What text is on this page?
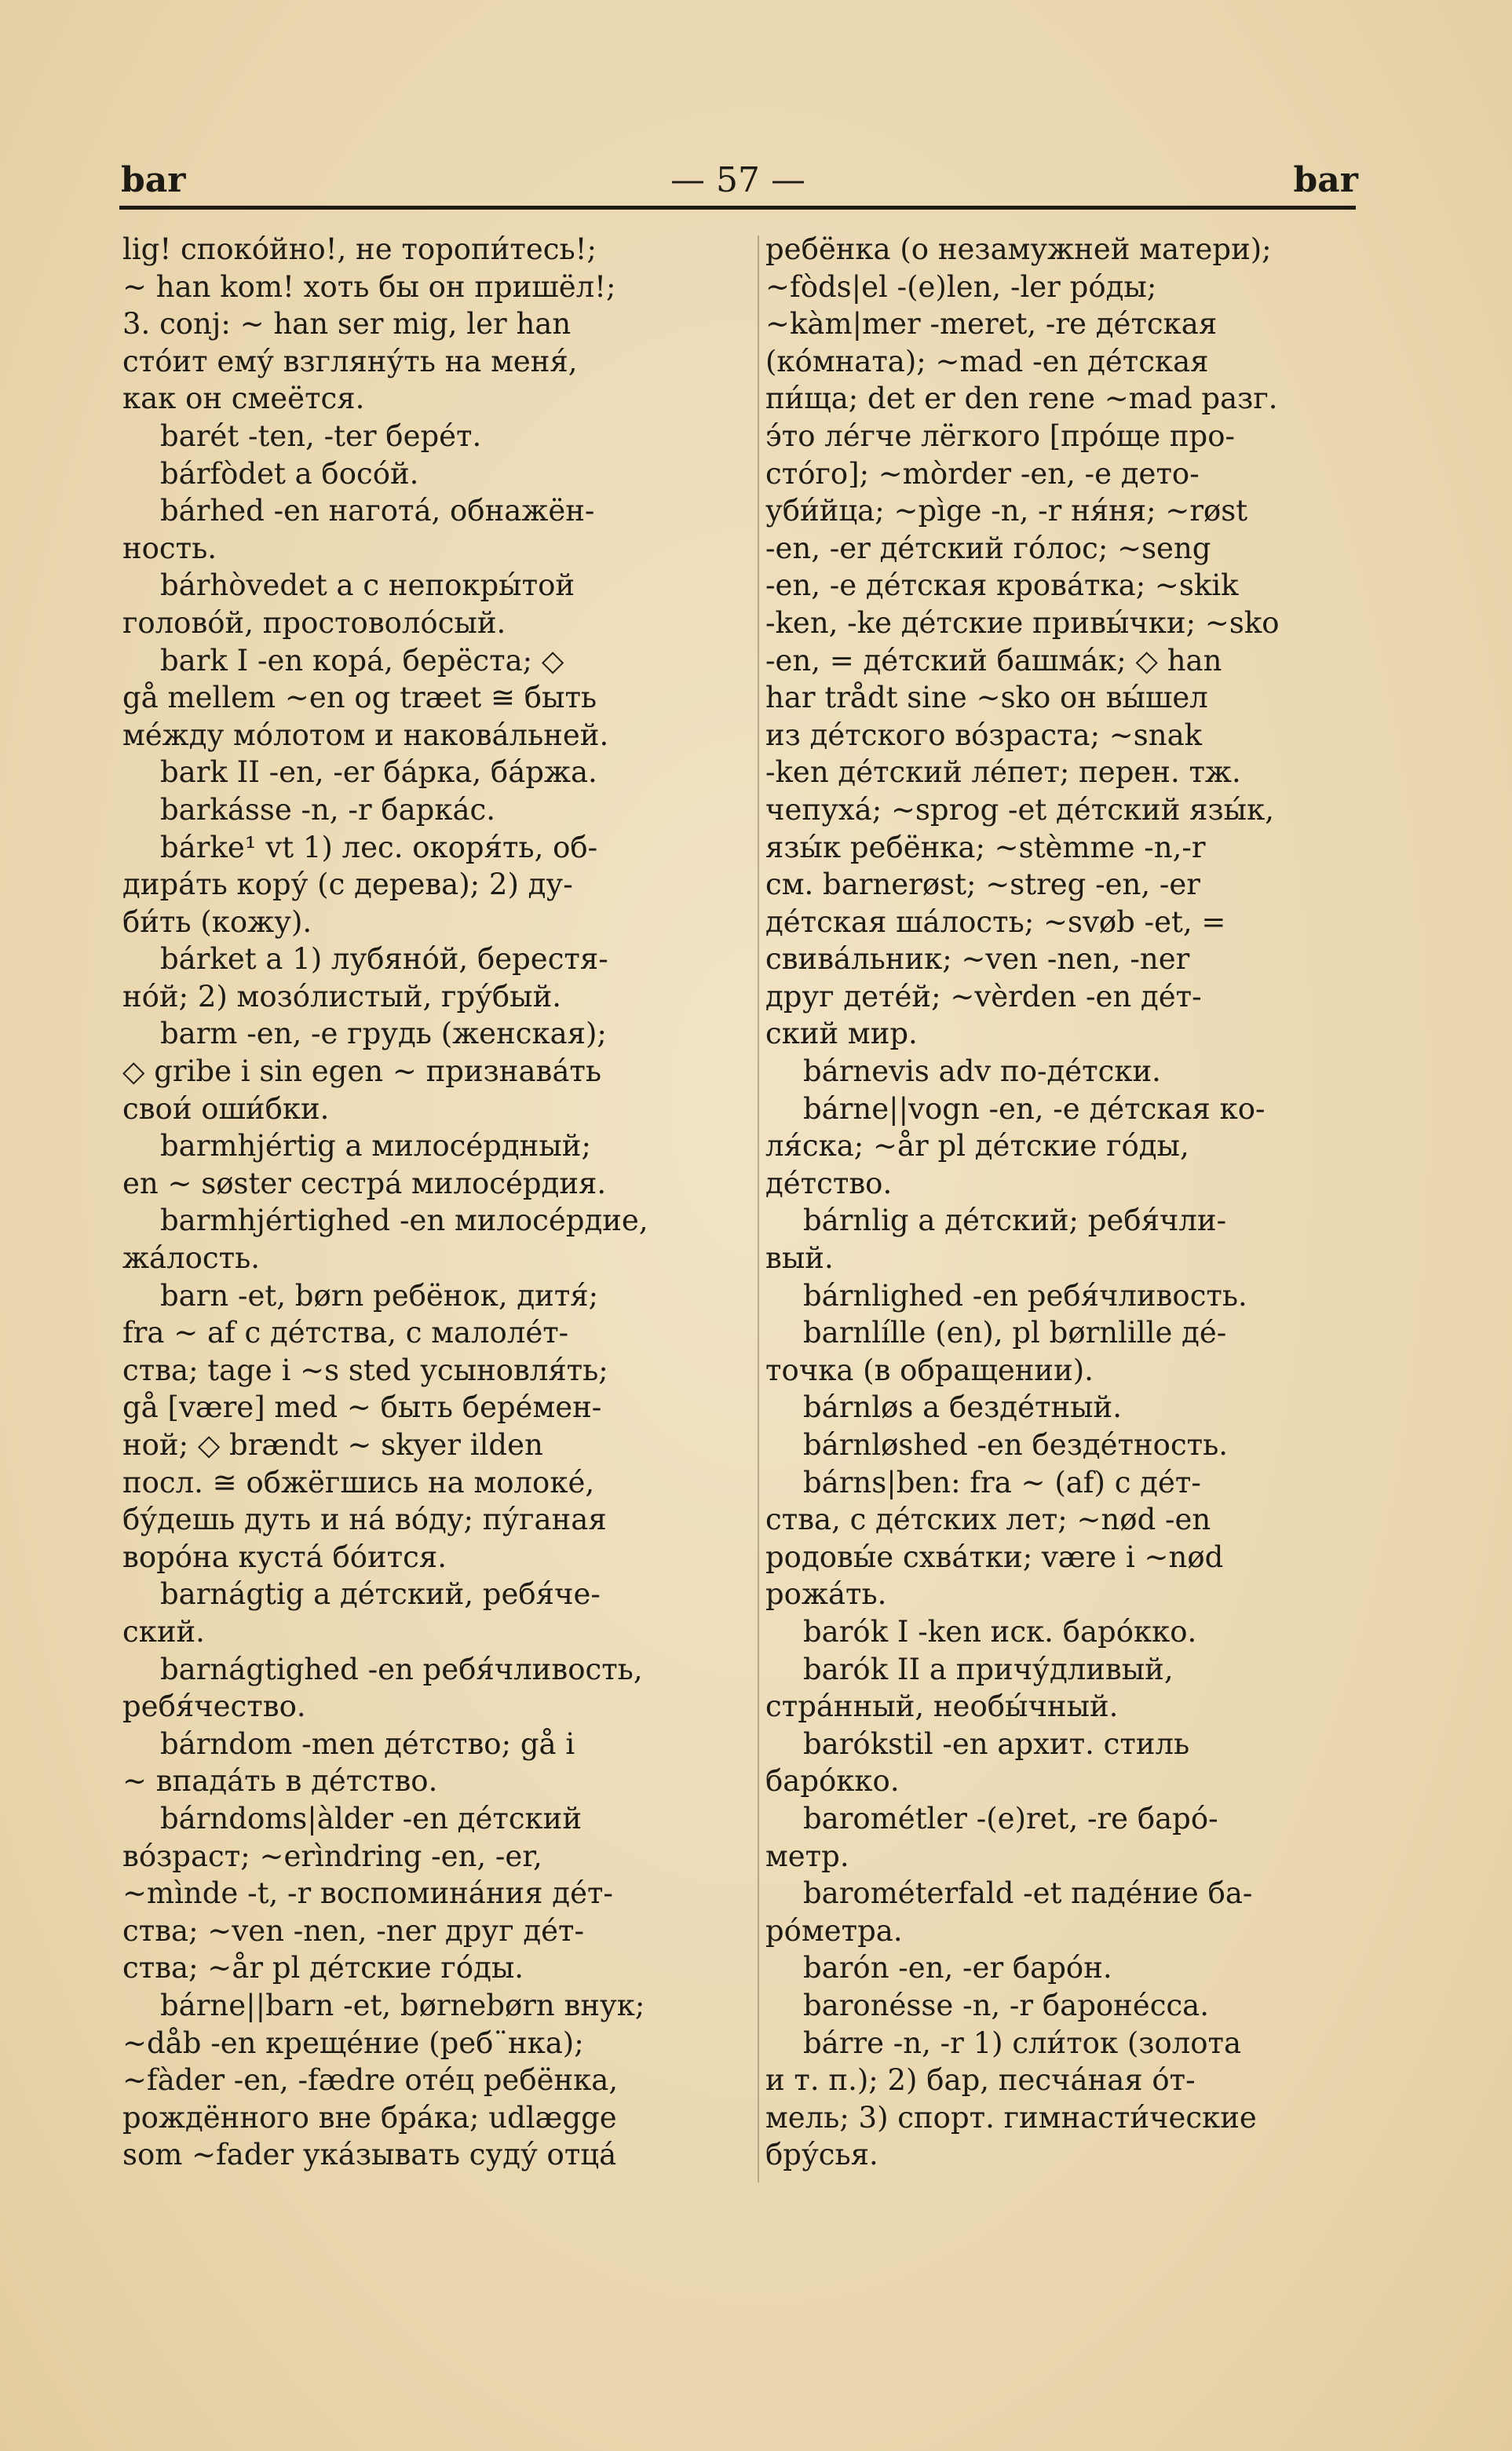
bar	— 57 —	bar
lig! споко́йно!, не торопи́тесь!;
~ han kom! хоть бы он пришёл!;
3. conj: ~ han ser mig, ler han
сто́ит ему́ взгляну́ть на меня́,
как он смеётся.
barét -ten, -ter берéт.
bárfòdet a босо́й.
bárhed -en нагота́, обнажён-
ность.
bárhòvedet a с непокры́той
голово́й, простоволо́сый.
bark I -en кора́, берёста; ◇
gå mellem ~en og træet ≅ быть
ме́жду мо́лотом и накова́льней.
bark II -en, -er ба́рка, ба́ржа.
barkásse -n, -r барка́с.
bárke¹ vt 1) лес. окоря́ть, об-
дира́ть кору́ (с дерева); 2) ду-
би́ть (кожу).
bárket a 1) лубяно́й, берестя-
но́й; 2) мозо́листый, гру́бый.
barm -en, -e грудь (женская);
◇ gribe i sin egen ~ признава́ть
свои́ оши́бки.
barmhjértig a милосе́рдный;
en ~ søster сестра́ милосе́рдия.
barmhjértighed -en милосе́рдие,
жа́лость.
barn -et, børn ребёнок, дитя́;
fra ~ af с де́тства, с малоле́т-
ства; tage i ~s sted усыновля́ть;
gå [være] med ~ быть бере́мен-
ной; ◇ brændt ~ skyer ilden
посл. ≅ обжёгшись на молоке́,
бу́дешь дуть и на́ во́ду; пу́ганая
воро́на куста́ бо́ится.
barnágtig a де́тский, ребя́че-
ский.
barnágtighed -en ребя́чливость,
ребя́чество.
bárndom -men де́тство; gå i
~ впада́ть в де́тство.
bárndoms|àlder -en де́тский
во́зраст; ~erìndring -en, -er,
~mìnde -t, -r воспомина́ния де́т-
ства; ~ven -nen, -ner друг де́т-
ства; ~år pl де́тские го́ды.
bárne||barn -et, børnebørn внук;
~dåb -en креще́ние (реб¨нка);
~fàder -en, -fædre оте́ц ребёнка,
рождённого вне бра́ка; udlægge
som ~fader ука́зывать суду́ отца́
ребёнка (о незамужней матери);
~fòds|el -(e)len, -ler ро́ды;
~kàm|mer -meret, -re де́тская
(ко́мната); ~mad -en де́тская
пи́ща; det er den rene ~mad разг.
э́то ле́гче лёгкого [про́ще про-
сто́го]; ~mòrder -en, -e дето-
уби́йца; ~pìge -n, -r ня́ня; ~røst
-en, -er де́тский го́лос; ~seng
-en, -e де́тская крова́тка; ~skik
-ken, -ke де́тские привы́чки; ~sko
-en, = де́тский башма́к; ◇ han
har trådt sine ~sko он вы́шел
из де́тского во́зраста; ~snak
-ken де́тский ле́пет; перен. тж.
чепуха́; ~sprog -et де́тский язы́к,
язы́к ребёнка; ~stèmme -n,-r
см. barnerøst; ~streg -en, -er
де́тская ша́лость; ~svøb -et, =
свива́льник; ~ven -nen, -ner
друг дете́й; ~vèrden -en де́т-
ский мир.
bárnevis adv по-де́тски.
bárne||vogn -en, -e де́тская ко-
ля́ска; ~år pl де́тские го́ды,
де́тство.
bárnlig a де́тский; ребя́чли-
вый.
bárnlighed -en ребя́чливость.
barnlílle (en), pl børnlille де́-
точка (в обращении).
bárnløs a безде́тный.
bárnløshed -en безде́тность.
bárns|ben: fra ~ (af) с де́т-
ства, с де́тских лет; ~nød -en
родовы́е схва́тки; være i ~nød
рожа́ть.
barók I -ken иск. баро́кко.
barók II a причу́дливый,
стра́нный, необы́чный.
barókstil -en архит. стиль
баро́кко.
barométler -(e)ret, -re баро́-
метр.
barométerfald -et паде́ние ба-
ро́метра.
barón -en, -er баро́н.
baronésse -n, -r бароне́сса.
bárre -n, -r 1) сли́ток (золота
и т. п.); 2) бар, песча́ная о́т-
мель; 3) спорт. гимнасти́ческие
бру́сья.
